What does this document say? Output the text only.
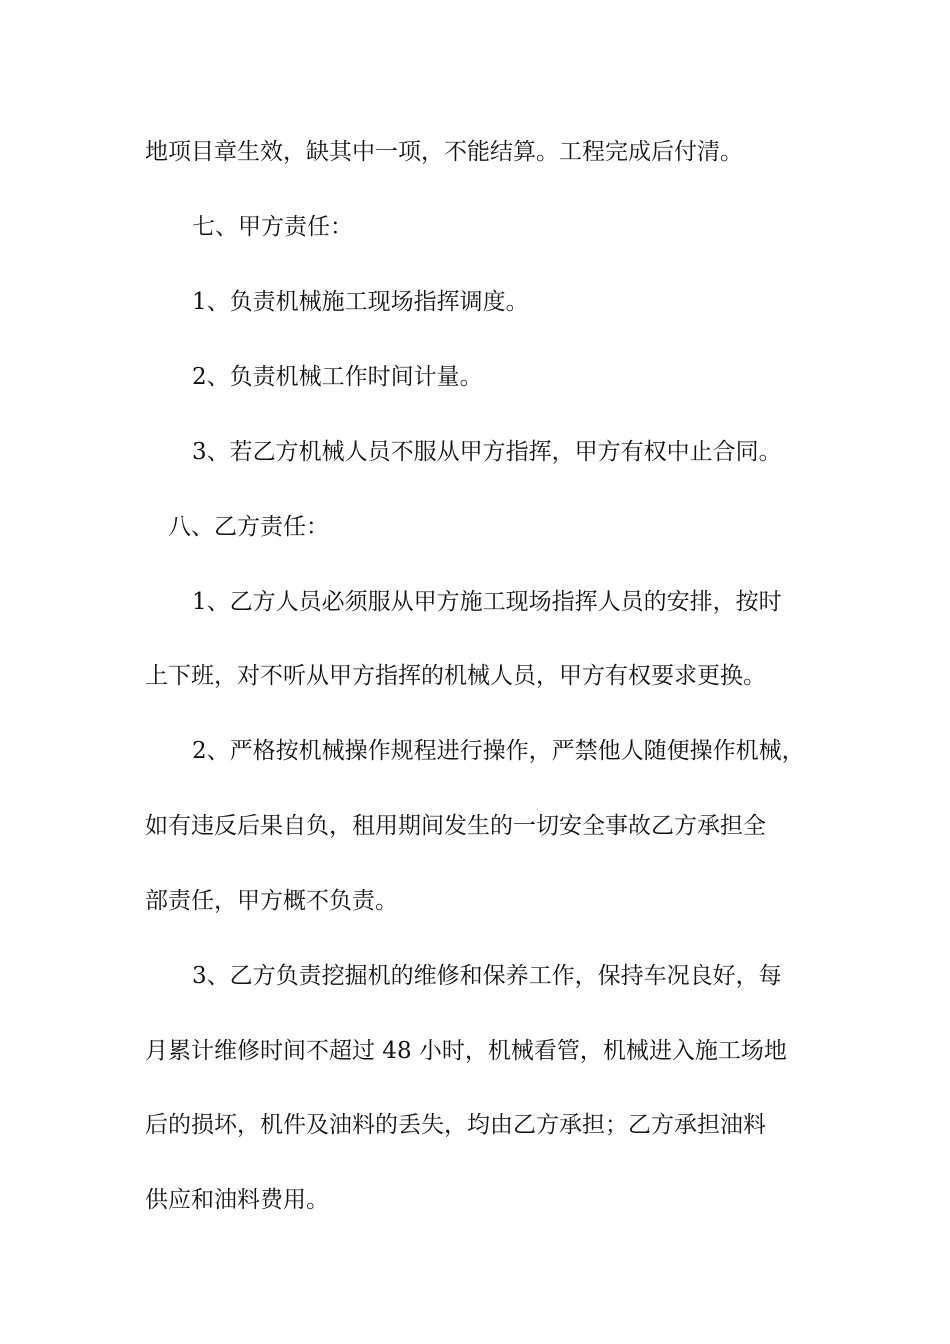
地项目章生效，缺其中一项，不能结算。工程完成后付清。

七、甲方责任：

1、负责机械施工现场指挥调度。

2、负责机械工作时间计量。

3、若乙方机械人员不服从甲方指挥，甲方有权中止合同。

八、乙方责任：

1、乙方人员必须服从甲方施工现场指挥人员的安排，按时

上下班，对不听从甲方指挥的机械人员，甲方有权要求更换。

2、严格按机械操作规程进行操作，严禁他人随便操作机械，

如有违反后果自负，租用期间发生的一切安全事故乙方承担全

部责任，甲方概不负责。

3、乙方负责挖掘机的维修和保养工作，保持车况良好，每

月累计维修时间不超过 48 小时，机械看管，机械进入施工场地

后的损坏，机件及油料的丢失，均由乙方承担；乙方承担油料

供应和油料费用。
